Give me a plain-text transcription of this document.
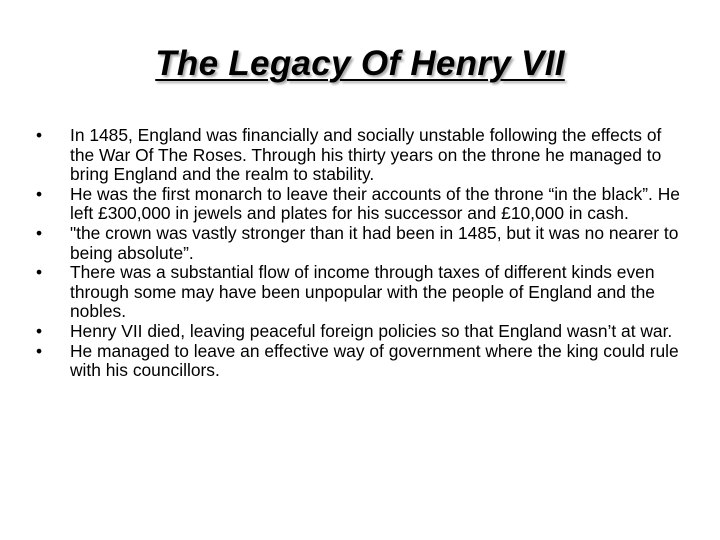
The Legacy Of Henry VII
•	In 1485, England was financially and socially unstable following the effects of the War Of The Roses. Through his thirty years on the throne he managed to bring England and the realm to stability.
•	He was the first monarch to leave their accounts of the throne “in the black”. He left £300,000 in jewels and plates for his successor and £10,000 in cash.
•	"the crown was vastly stronger than it had been in 1485, but it was no nearer to being absolute”.
•	There was a substantial flow of income through taxes of different kinds even through some may have been unpopular with the people of England and the nobles.
•	Henry VII died, leaving peaceful foreign policies so that England wasn’t at war.
•	He managed to leave an effective way of government where the king could rule with his councillors.
